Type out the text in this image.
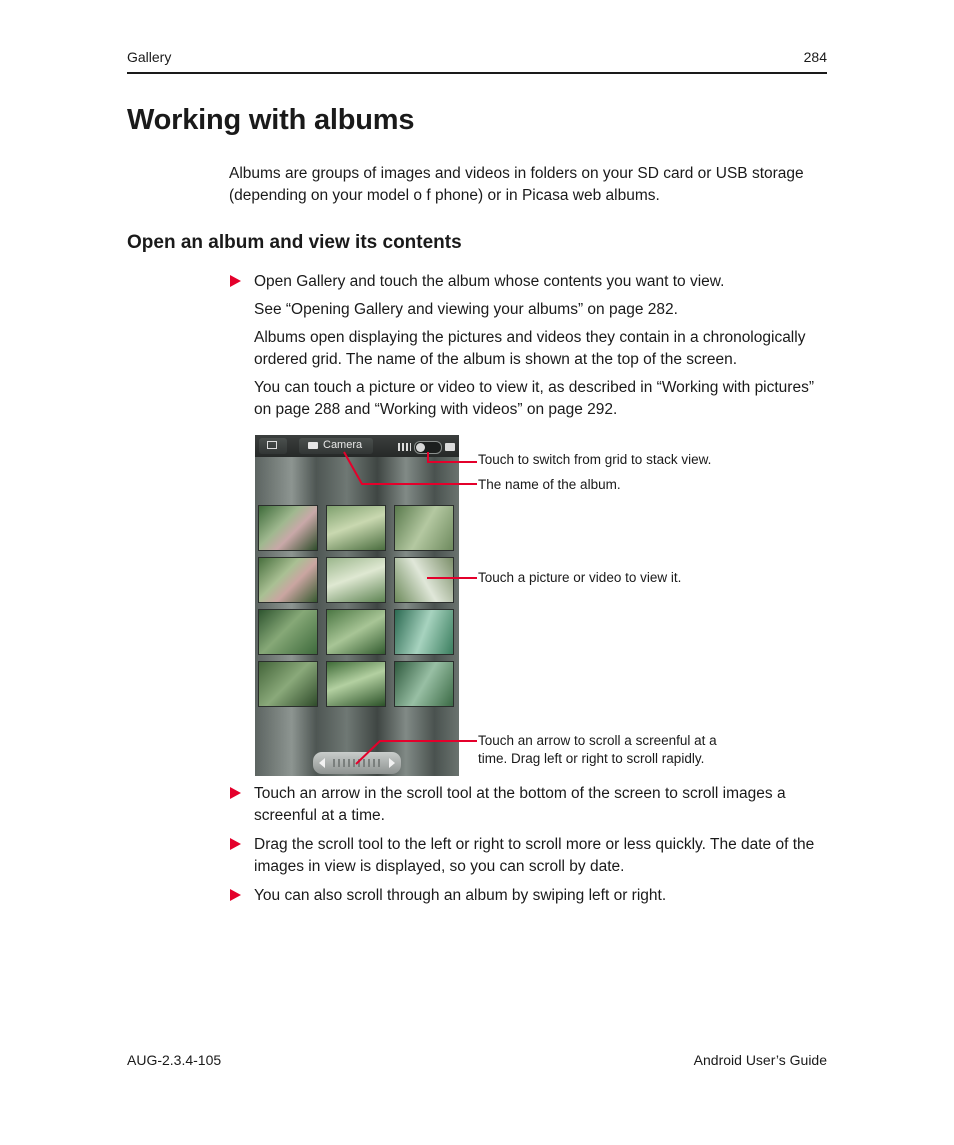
Gallery	284
Working with albums
Albums are groups of images and videos in folders on your SD card or USB storage
(depending on your model o f phone) or in Picasa web albums.
Open an album and view its contents
Open Gallery and touch the album whose contents you want to view.
See “Opening Gallery and viewing your albums” on page 282.
Albums open displaying the pictures and videos they contain in a chronologically
ordered grid. The name of the album is shown at the top of the screen.
You can touch a picture or video to view it, as described in “Working with pictures”
on page 288 and “Working with videos” on page 292.
Camera
Touch to switch from grid to stack view.
The name of the album.
Touch a picture or video to view it.
Touch an arrow to scroll a screenful at a
time. Drag left or right to scroll rapidly.
Touch an arrow in the scroll tool at the bottom of the screen to scroll images a
screenful at a time.
Drag the scroll tool to the left or right to scroll more or less quickly. The date of the
images in view is displayed, so you can scroll by date.
You can also scroll through an album by swiping left or right.
AUG-2.3.4-105	Android User’s Guide
